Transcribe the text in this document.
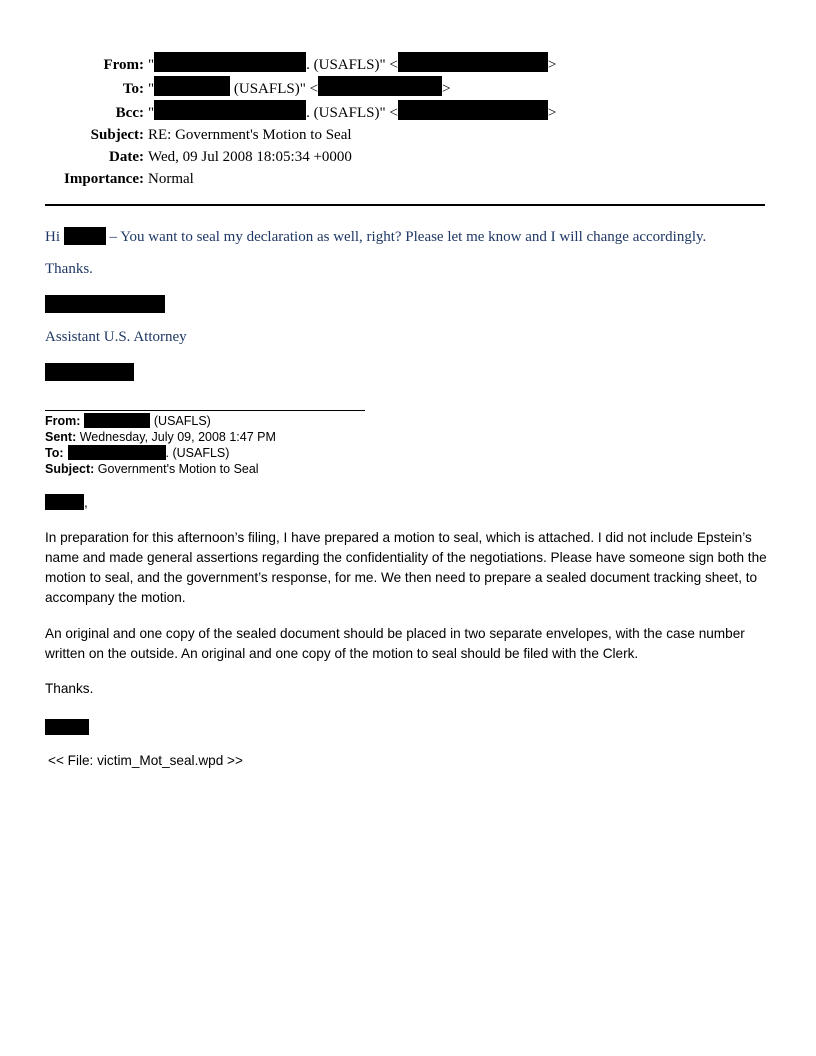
From: "	. (USAFLS)" <	>
To: "	(USAFLS)" <	>
Bcc: "	. (USAFLS)" <	>
Subject: RE: Government's Motion to Seal
Date: Wed, 09 Jul 2008 18:05:34 +0000
Importance: Normal
Hi	– You want to seal my declaration as well, right? Please let me know and I will change accordingly.
Thanks.
Assistant U.S. Attorney
From:	(USAFLS)
Sent: Wednesday, July 09, 2008 1:47 PM
To:	. (USAFLS)
Subject: Government's Motion to Seal
,

In preparation for this afternoon’s filing, I have prepared a motion to seal, which is attached. I did not include Epstein’s name and made general assertions regarding the confidentiality of the negotiations. Please have someone sign both the motion to seal, and the government’s response, for me. We then need to prepare a sealed document tracking sheet, to accompany the motion.

An original and one copy of the sealed document should be placed in two separate envelopes, with the case number written on the outside. An original and one copy of the motion to seal should be filed with the Clerk.

Thanks.
<< File: victim_Mot_seal.wpd >>
